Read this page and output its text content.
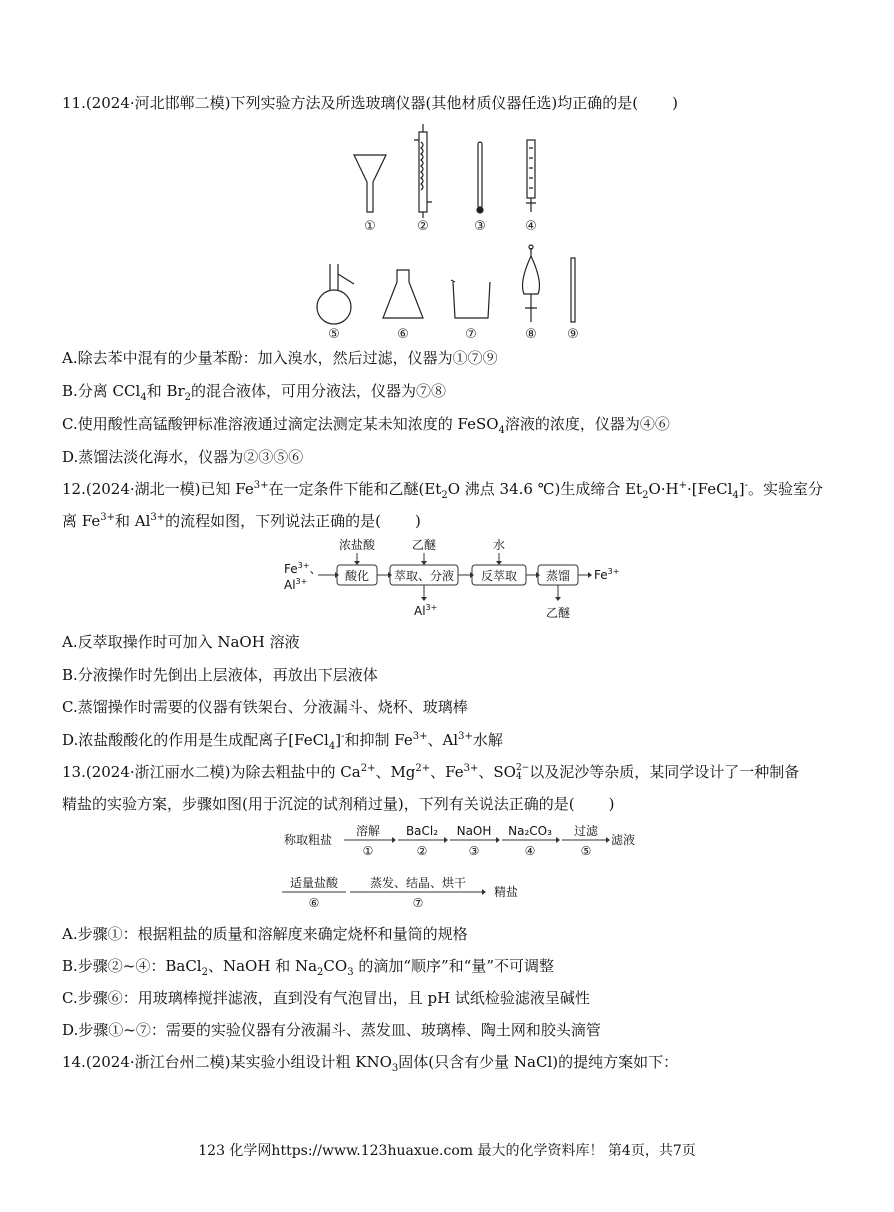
11.(2024·河北邯郸二模)下列实验方法及所选玻璃仪器(其他材质仪器任选)均正确的是( )
①	②	③	④
⑤	⑥	⑦	⑧ ⑨
A.除去苯中混有的少量苯酚：加入溴水，然后过滤，仪器为①⑦⑨
B.分离 CCl$_4$和 $Br_2$的混合液体，可用分液法，仪器为⑦⑧
C.使用酸性高锰酸钾标准溶液通过滴定法测定某未知浓度的 FeSO$_4$溶液的浓度，仪器为④⑥
D.蒸馏法淡化海水，仪器为②③⑤⑥
12.(2024·湖北一模)已知 $Fe^{3+}$在一定条件下能和乙醚($Et_2O$ 沸点 34.6 ℃)生成缔合 $Et_2O\cdot H^+\cdot[FeCl_4]^-$。实验室分
离 $Fe^{3+}$和 $Al^{3+}$的流程如图，下列说法正确的是( )
$Fe^{3+}$、
$Al^{3+}$	酸化 萃取、分液 反萃取 蒸馏
浓盐酸	乙醚	水
$Al^{3+}$	乙醚
$Fe^{3+}$
A.反萃取操作时可加入 NaOH 溶液
B.分液操作时先倒出上层液体，再放出下层液体
C.蒸馏操作时需要的仪器有铁架台、分液漏斗、烧杯、玻璃棒
D.浓盐酸酸化的作用是生成配离子[FeCl$_4$]-和抑制 $Fe^{3+}$、$Al^{3+}$水解
13.(2024·浙江丽水二模)为除去粗盐中的 $Ca^{2+}$、$Mg^{2+}$、$Fe^{3+}$、SO 2−
4 以及泥沙等杂质，某同学设计了一种制备
精盐的实验方案，步骤如图(用于沉淀的试剂稍过量)，下列有关说法正确的是( )
称取粗盐
溶解 BaCl₂ NaOH Na₂CO₃ 过滤
①	②	③	④	⑤
滤液
适量盐酸	蒸发、结晶、烘干
⑥	⑦
精盐
A.步骤①：根据粗盐的质量和溶解度来确定烧杯和量筒的规格
B.步骤②~④：BaCl$_2$、NaOH 和 $Na_2CO_3$ 的滴加“顺序”和“量”不可调整
C.步骤⑥：用玻璃棒搅拌滤液，直到没有气泡冒出，且 pH 试纸检验滤液呈碱性
D.步骤①~⑦：需要的实验仪器有分液漏斗、蒸发皿、玻璃棒、陶土网和胶头滴管
14.(2024·浙江台州二模)某实验小组设计粗 $KNO_3$固体(只含有少量 NaCl)的提纯方案如下：
123 化学网https://www.123huaxue.com 最大的化学资料库！ 第4页，共7页
